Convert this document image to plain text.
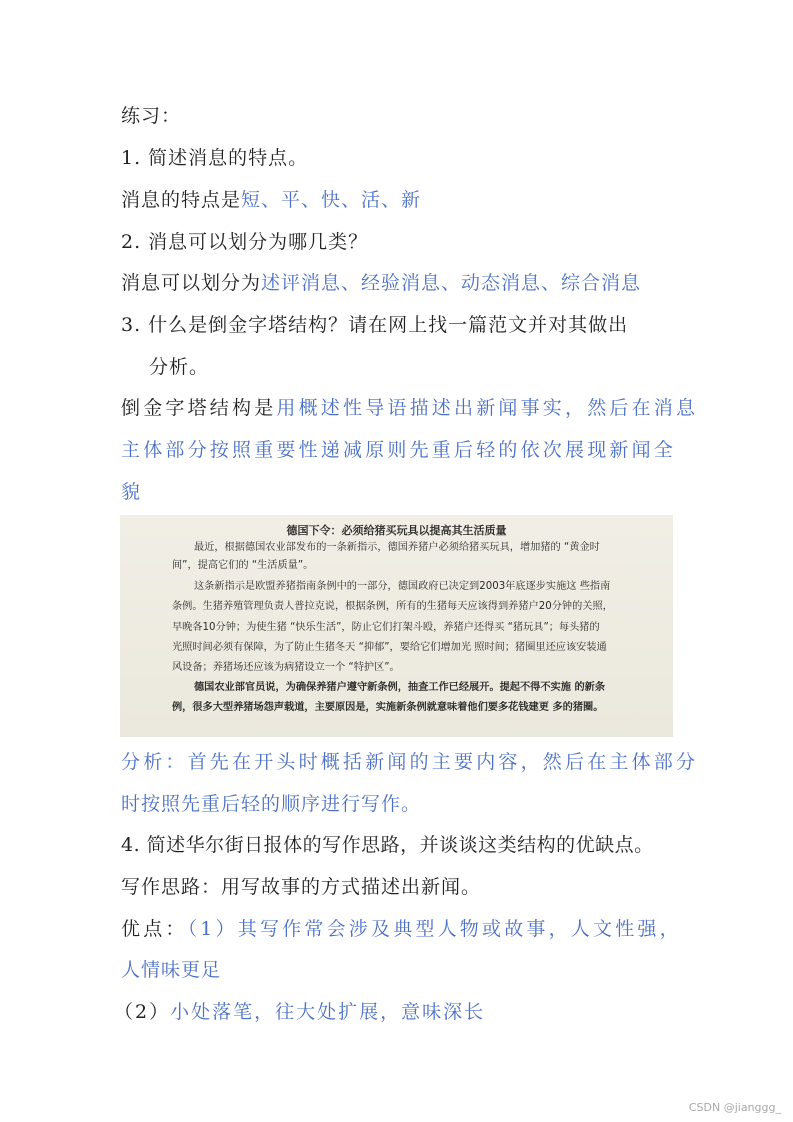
练习：
1. 简述消息的特点。
消息的特点是短、平、快、活、新
2. 消息可以划分为哪几类？
消息可以划分为述评消息、经验消息、动态消息、综合消息
3. 什么是倒金字塔结构？请在网上找一篇范文并对其做出
分析。
倒金字塔结构是用概述性导语描述出新闻事实，然后在消息
主体部分按照重要性递减原则先重后轻的依次展现新闻全
貌
德国下令：必须给猪买玩具以提高其生活质量
最近，根据德国农业部发布的一条新指示，德国养猪户必须给猪买玩具，增加猪的 “黄金时
间”，提高它们的 “生活质量”。
这条新指示是欧盟养猪指南条例中的一部分，德国政府已决定到2003年底逐步实施这 些指南
条例。生猪养殖管理负责人普拉克说，根据条例，所有的生猪每天应该得到养猪户20分钟的关照，
早晚各10分钟；为使生猪 “快乐生活”，防止它们打架斗殴，养猪户还得买 “猪玩具”；每头猪的
光照时间必须有保障，为了防止生猪冬天 “抑郁”，要给它们增加光 照时间；猪圈里还应该安装通
风设备；养猪场还应该为病猪设立一个 “特护区”。
德国农业部官员说，为确保养猪户遵守新条例，抽查工作已经展开。提起不得不实施 的新条
例，很多大型养猪场怨声载道，主要原因是，实施新条例就意味着他们要多花钱建更 多的猪圈。
分析：首先在开头时概括新闻的主要内容，然后在主体部分
时按照先重后轻的顺序进行写作。
4. 简述华尔街日报体的写作思路，并谈谈这类结构的优缺点。
写作思路：用写故事的方式描述出新闻。
优点：（1）其写作常会涉及典型人物或故事，人文性强，
人情味更足
（2）小处落笔，往大处扩展，意味深长
CSDN @jianggg_
